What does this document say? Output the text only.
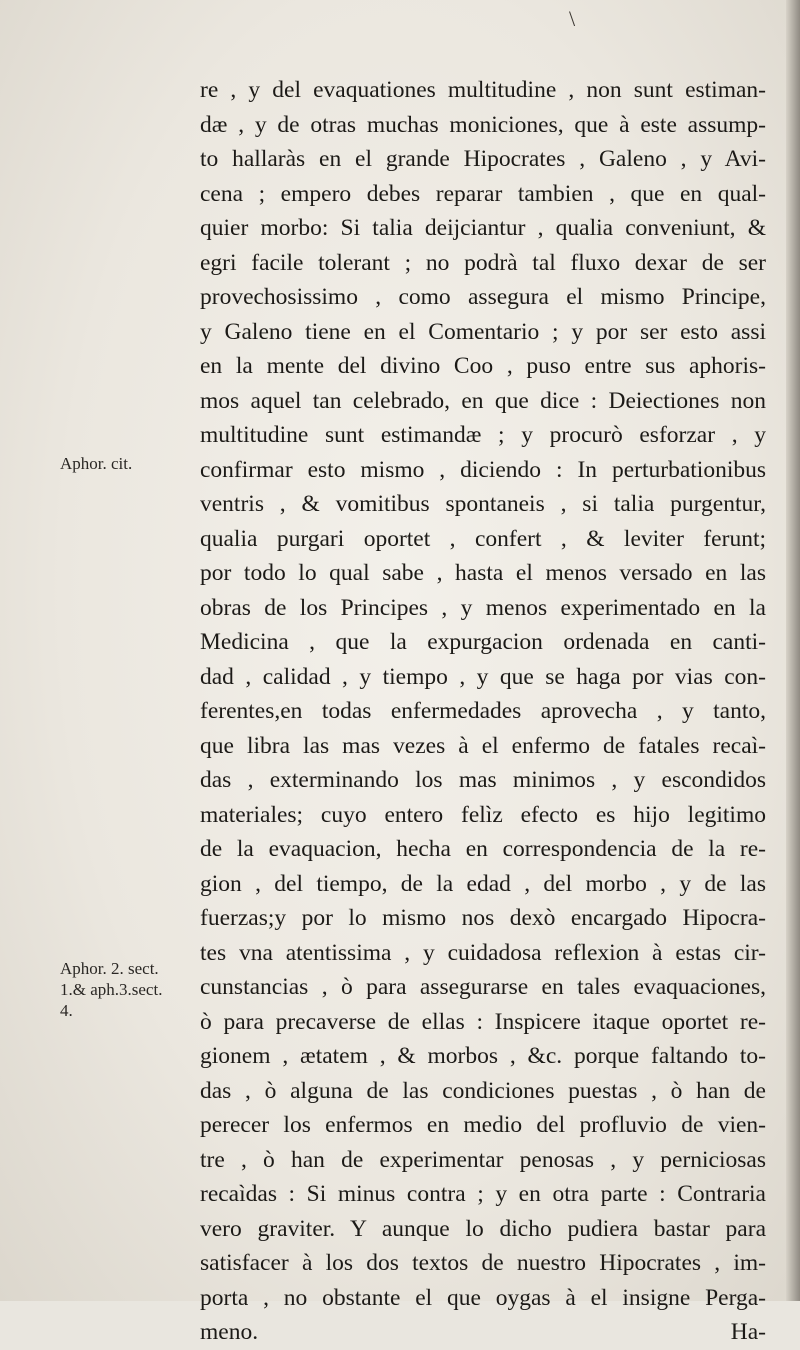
\
Aphor. cit.
Aphor. 2. sect.
1.& aph.3.sect.
4.
re , y del evaquationes multitudine , non sunt estiman-
dæ , y de otras muchas moniciones, que à este assump-
to hallaràs en el grande Hipocrates , Galeno , y Avi-
cena ; empero debes reparar tambien , que en qual-
quier morbo: Si talia deijciantur , qualia conveniunt, &
egri facile tolerant ; no podrà tal fluxo dexar de ser
provechosissimo , como assegura el mismo Principe,
y Galeno tiene en el Comentario ; y por ser esto assi
en la mente del divino Coo , puso entre sus aphoris-
mos aquel tan celebrado, en que dice : Deiectiones non
multitudine sunt estimandæ ; y procurò esforzar , y
confirmar esto mismo , diciendo : In perturbationibus
ventris , & vomitibus spontaneis , si talia purgentur,
qualia purgari oportet , confert , & leviter ferunt;
por todo lo qual sabe , hasta el menos versado en las
obras de los Principes , y menos experimentado en la
Medicina , que la expurgacion ordenada en canti-
dad , calidad , y tiempo , y que se haga por vias con-
ferentes,en todas enfermedades aprovecha , y tanto,
que libra las mas vezes à el enfermo de fatales recaì-
das , exterminando los mas minimos , y escondidos
materiales; cuyo entero felìz efecto es hijo legitimo
de la evaquacion, hecha en correspondencia de la re-
gion , del tiempo, de la edad , del morbo , y de las
fuerzas;y por lo mismo nos dexò encargado Hipocra-
tes vna atentissima , y cuidadosa reflexion à estas cir-
cunstancias , ò para assegurarse en tales evaquaciones,
ò para precaverse de ellas : Inspicere itaque oportet re-
gionem , ætatem , & morbos , &c. porque faltando to-
das , ò alguna de las condiciones puestas , ò han de
perecer los enfermos en medio del profluvio de vien-
tre , ò han de experimentar penosas , y perniciosas
recaìdas : Si minus contra ; y en otra parte : Contraria
vero graviter. Y aunque lo dicho pudiera bastar para
satisfacer à los dos textos de nuestro Hipocrates , im-
porta , no obstante el que oygas à el insigne Perga-
meno. Ha-
